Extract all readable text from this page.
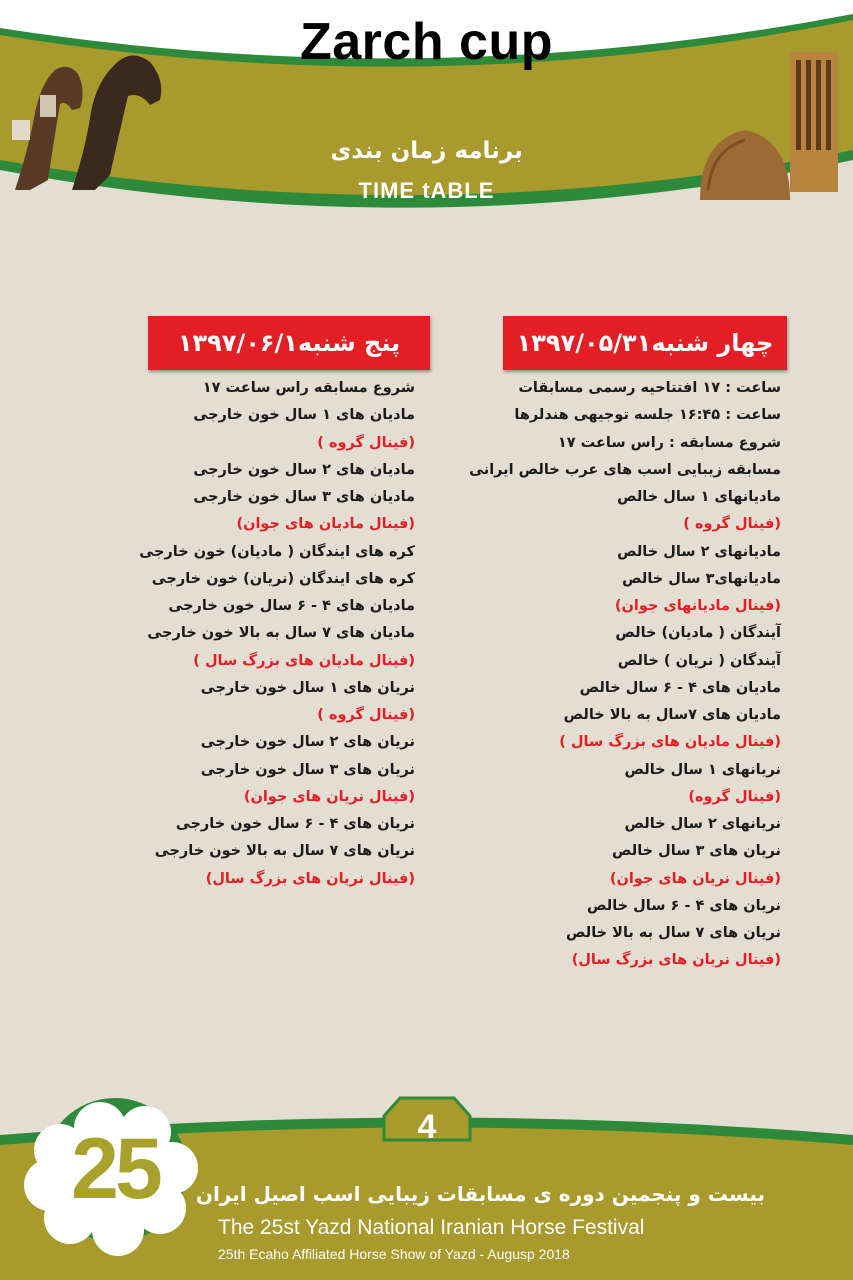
Zarch cup
برنامه زمان بندی
TIME tABLE
چهار شنبه۱۳۹۷/۰۵/۳۱
پنج شنبه۱۳۹۷/۰۶/۱
ساعت : ۱۷ افتتاحیه رسمی مسابقات
ساعت : ۱۶:۴۵ جلسه توجیهی هندلرها
شروع مسابقه : راس ساعت ۱۷
مسابقه زیبایی اسب های عرب خالص ایرانی
مادیانهای ۱ سال خالص
(فینال گروه )
مادیانهای ۲ سال خالص
مادیانهای۳ سال خالص
(فینال مادیانهای جوان)
آیندگان ( مادیان) خالص
آیندگان ( نریان ) خالص
مادیان های ۴ - ۶ سال خالص
مادیان های ۷سال به بالا خالص
(فینال مادیان های بزرگ سال )
نریانهای ۱ سال خالص
(فینال گروه)
نریانهای ۲ سال خالص
نریان های ۳ سال خالص
(فینال نریان های جوان)
نریان های ۴ - ۶ سال خالص
نریان های ۷ سال به بالا خالص
(فینال نریان های بزرگ سال)
شروع مسابقه راس ساعت ۱۷
مادیان های ۱ سال خون خارجی
(فینال گروه )
مادیان های ۲ سال خون خارجی
مادیان های ۳ سال خون خارجی
(فینال مادیان های جوان)
کره های ایندگان ( مادیان) خون خارجی
کره های ایندگان (نریان) خون خارجی
مادیان های ۴ - ۶ سال خون خارجی
مادیان های ۷ سال به بالا خون خارجی
(فینال مادیان های بزرگ سال )
نریان های ۱ سال خون خارجی
(فینال گروه )
نریان های ۲ سال خون خارجی
نریان های ۳ سال خون خارجی
(فینال نریان های جوان)
نریان های ۴ - ۶ سال خون خارجی
نریان های ۷ سال به بالا خون خارجی
(فینال نریان های بزرگ سال)
4
25	بیست و پنجمین دوره ی مسابقات زیبایی اسب اصیل ایران
The 25st Yazd National Iranian Horse Festival
25th Ecaho Affiliated Horse Show of Yazd - Augusp 2018
